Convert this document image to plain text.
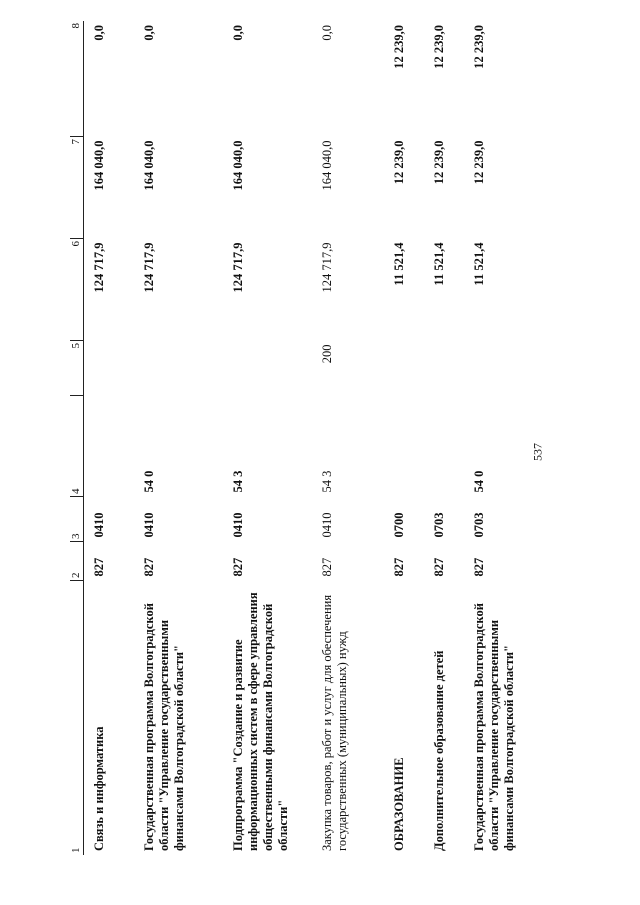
537
1	2	3	4	5	6	7	8
Связь и информатика	827	0410			124 717,9	164 040,0	0,0
Государственная программа Волгоградской области "Управление государственными финансами Волгоградской области"	827	0410	54 0		124 717,9	164 040,0	0,0
Подпрограмма "Создание и развитие информационных систем в сфере управления общественными финансами Волгоградской области"	827	0410	54 3		124 717,9	164 040,0	0,0
Закупка товаров, работ и услуг для обеспечения государственных (муниципальных) нужд	827	0410	54 3	200	124 717,9	164 040,0	0,0
ОБРАЗОВАНИЕ	827	0700			11 521,4	12 239,0	12 239,0
Дополнительное образование детей	827	0703			11 521,4	12 239,0	12 239,0
Государственная программа Волгоградской области "Управление государственными финансами Волгоградской области"	827	0703	54 0		11 521,4	12 239,0	12 239,0
